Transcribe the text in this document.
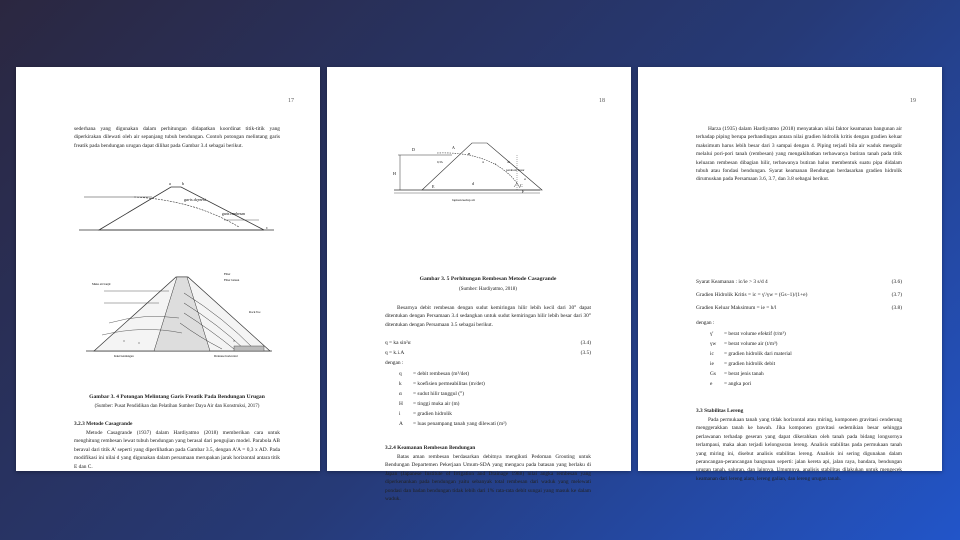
17

sederhana yang digunakan dalam perhitungan didapatkan koordinat titik-titik yang diperkirakan dilewati oleh air sepanjang tubuh bendungan. Contoh potongan melintang garis freatik pada bendungan urugan dapat dilihat pada Gambar 3.4 sebagai berikut.

garis depresi
garis rembesan
c
a	b
Muka air banjir
Filter
Filter batuan
Rock Toe
Kaki bendungan	Drainase horizontal
Gambar 3. 4 Potongan Melintang Garis Freatik Pada Bendungan Urugan
(Sumber: Pusat Pendidikan dan Pelatihan Sumber Daya Air dan Konstruksi, 2017)
3.2.3 Metode Casagrande

Metode Casagrande (1937) dalam Hardiyatmo (2018) memberikan cara untuk menghitung rembesan lewat tubuh bendungan yang berasal dari pengujian model. Parabola AB beraval dari titik A' seperti yang diperlihatkan pada Gambar 3.5, dengan A'A = 0,3 x AD. Pada modifikasi ini nilai d yang digunakan dalam persamaan merupakan jarak horizontal antara titik E dan C.

18
D	A
B
C
E
F
H
d
parabola dasar
lapisan kedap air
α
0,3Δ	Δ	l	Δl
Gambar 3. 5 Perhitungan Rembesan Metode Casagrande
(Sumber: Hardiyatmo, 2018)

Besarnya debit rembesan dengan sudut kemiringan hilir lebih kecil dari 30° dapat ditentukan dengan Persamaan 3.4 sedangkan untuk sudut kemiringan hilir lebih besar dari 30° ditentukan dengan Persamaan 3.5 sebagai berikut.

q = ka sin²α	(3.4)
q = k.i.A	(3.5)
dengan :
q = debit rembesan (m³/det)
k = koefisien permeabilitas (m/det)
α = sudut hilir tanggul (°)
H = tinggi muka air (m)
i = gradien hidrolik
A = luas penampang tanah yang dilewati (m²)
3.2.4 Keamanan Rembesan Bendungan

Batas aman rembesan berdasarkan debitnya mengikuti Pedoman Grouting untuk Bendungan Departemen Pekerjaan Umum-SDA yang mengacu pada batasan yang berlaku di Japan (Japanese Institute of Irrigation and Drainage 1988) nilai angka rembesan yang diperkenankan pada bendungan yaitu sebanyak total rembesan dari waduk yang melewati pondasi dan badan bendungan tidak lebih dari 1% rata-rata debit sungai yang masuk ke dalam waduk.

19

Harza (1935) dalam Hardiyatmo (2018) menyatakan nilai faktor keamanan bangunan air terhadap piping berupa perbandingan antara nilai gradien hidrolik kritis dengan gradien keluar maksimum harus lebih besar dari 3 sampai dengan 4. Piping terjadi bila air waduk mengalir melalui pori-pori tanah (rembesan) yang mengakibatkan terbawanya butiran tanah pada titik keluaran rembesan dibagian hilir, terbawanya butiran halus membentuk suatu pipa didalam tubuh atau fondasi bendungan. Syarat keamanan Bendungan berdasarkan gradien hidrolik dirumuskan pada Persamaan 3.6, 3.7, dan 3.8 sebagai berikut.

Syarat Keamanan : ic/ie > 3 s/d 4	(3.6)
Gradien Hidrolik Kritis = ic = γ'/γw = (Gs−1)/(1+e)	(3.7)
Gradien Keluar Maksimum = ie = h/l	(3.8)
dengan :
γ' = berat volume efektif (t/m³)
γw = berat volume air (t/m³)
ic = gradien hidrolik dari material
ie = gradien hidrolik debit
Gs = berat jenis tanah
e = angka pori
3.3 Stabilitas Lereng

Pada permukaan tanah yang tidak horizontal atau miring, komponen gravitasi cenderung menggerakkan tanah ke bawah. Jika komponen gravitasi sedemikian besar sehingga perlawanan terhadap geseran yang dapat dikerahkan oleh tanah pada bidang longsornya terlampaui, maka akan terjadi kelongsoran lereng. Analisis stabilitas pada permukaan tanah yang miring ini, disebut analisis stabilitas lereng. Analisis ini sering digunakan dalam perancangan-perancangan bangunan seperti: jalan kereta api, jalan raya, bandara, bendungan urugan tanah, saluran, dan lainnya. Umumnya, analisis stabilitas dilakukan untuk mengecek keamanan dari lereng alam, lereng galian, dan lereng urugan tanah.
